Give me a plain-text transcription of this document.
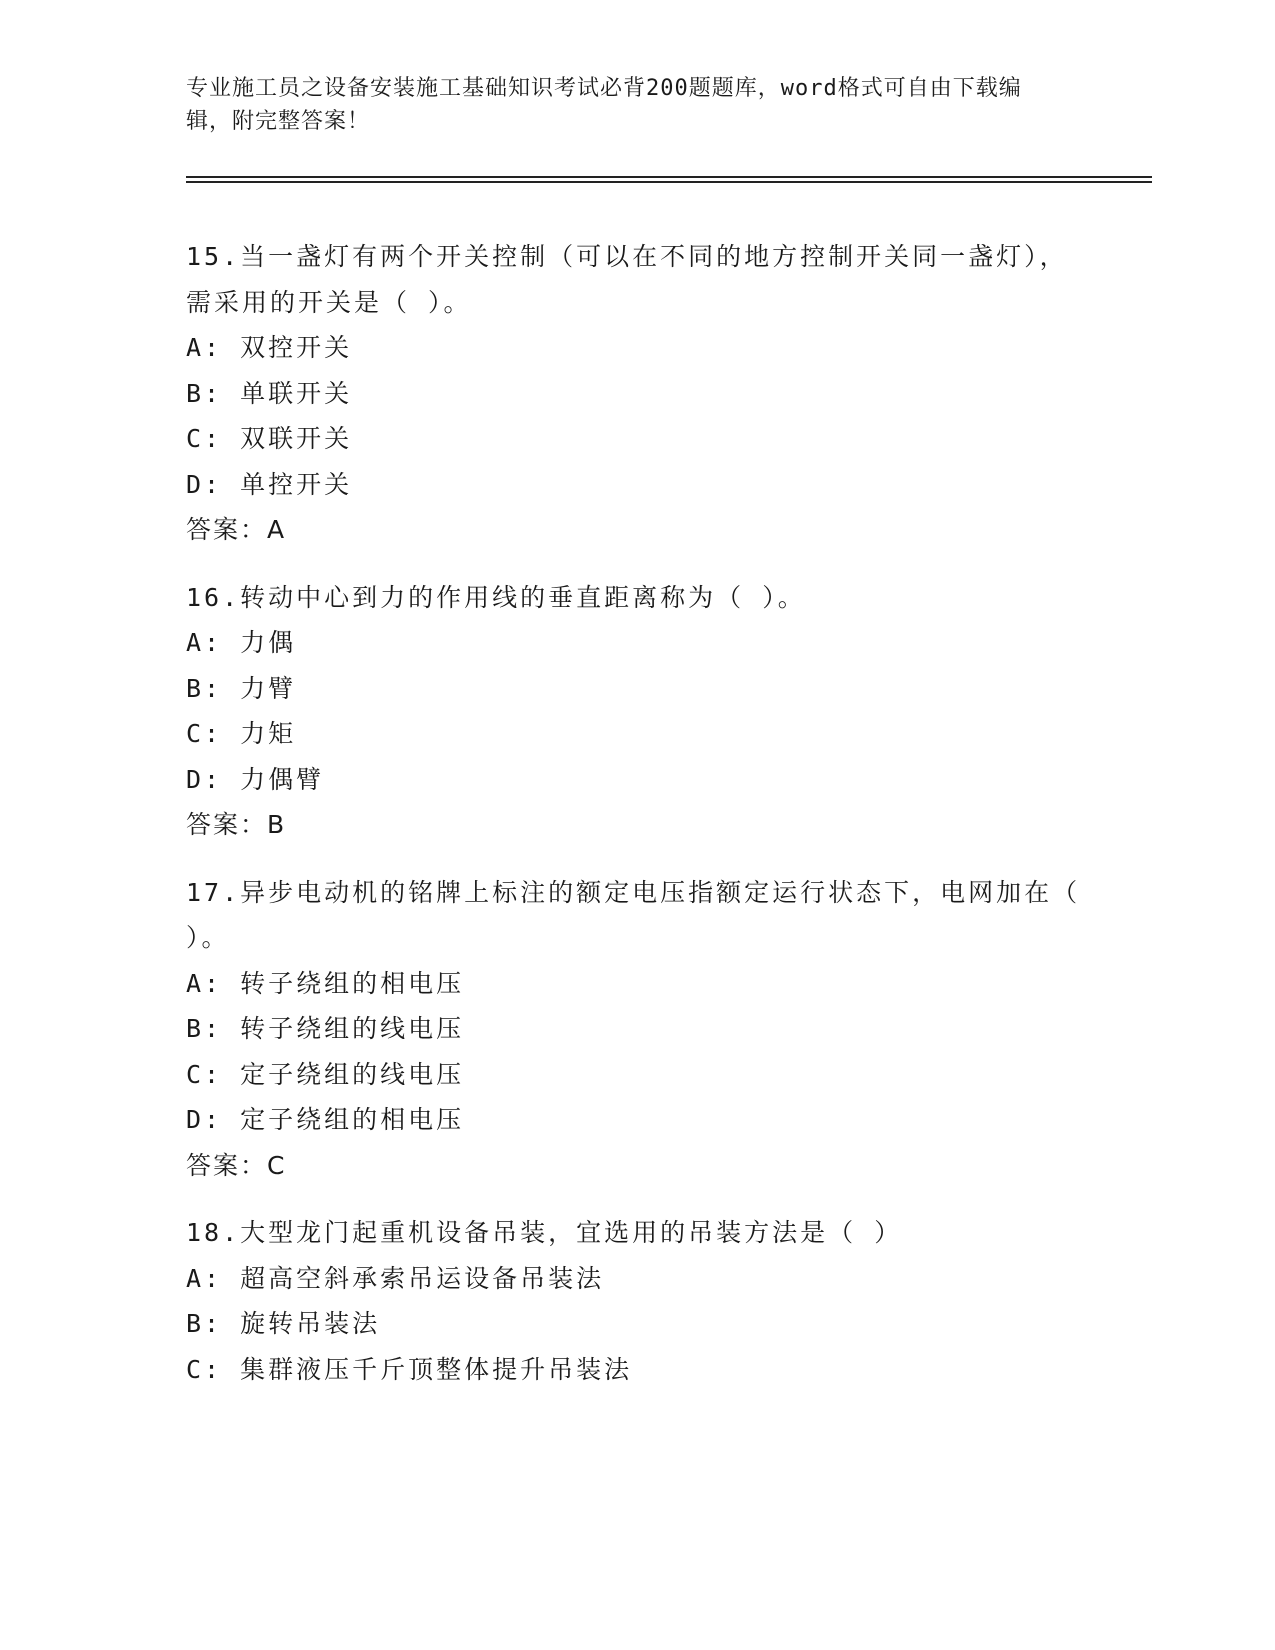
专业施工员之设备安装施工基础知识考试必背200题题库，word格式可自由下载编辑，附完整答案！
15.当一盏灯有两个开关控制（可以在不同的地方控制开关同一盏灯），需采用的开关是（ ）。
A: 双控开关
B: 单联开关
C: 双联开关
D: 单控开关
答案：A
16.转动中心到力的作用线的垂直距离称为（ ）。
A: 力偶
B: 力臂
C: 力矩
D: 力偶臂
答案：B
17.异步电动机的铭牌上标注的额定电压指额定运行状态下，电网加在（ ）。
A: 转子绕组的相电压
B: 转子绕组的线电压
C: 定子绕组的线电压
D: 定子绕组的相电压
答案：C
18.大型龙门起重机设备吊装，宜选用的吊装方法是（ ）
A: 超高空斜承索吊运设备吊装法
B: 旋转吊装法
C: 集群液压千斤顶整体提升吊装法
